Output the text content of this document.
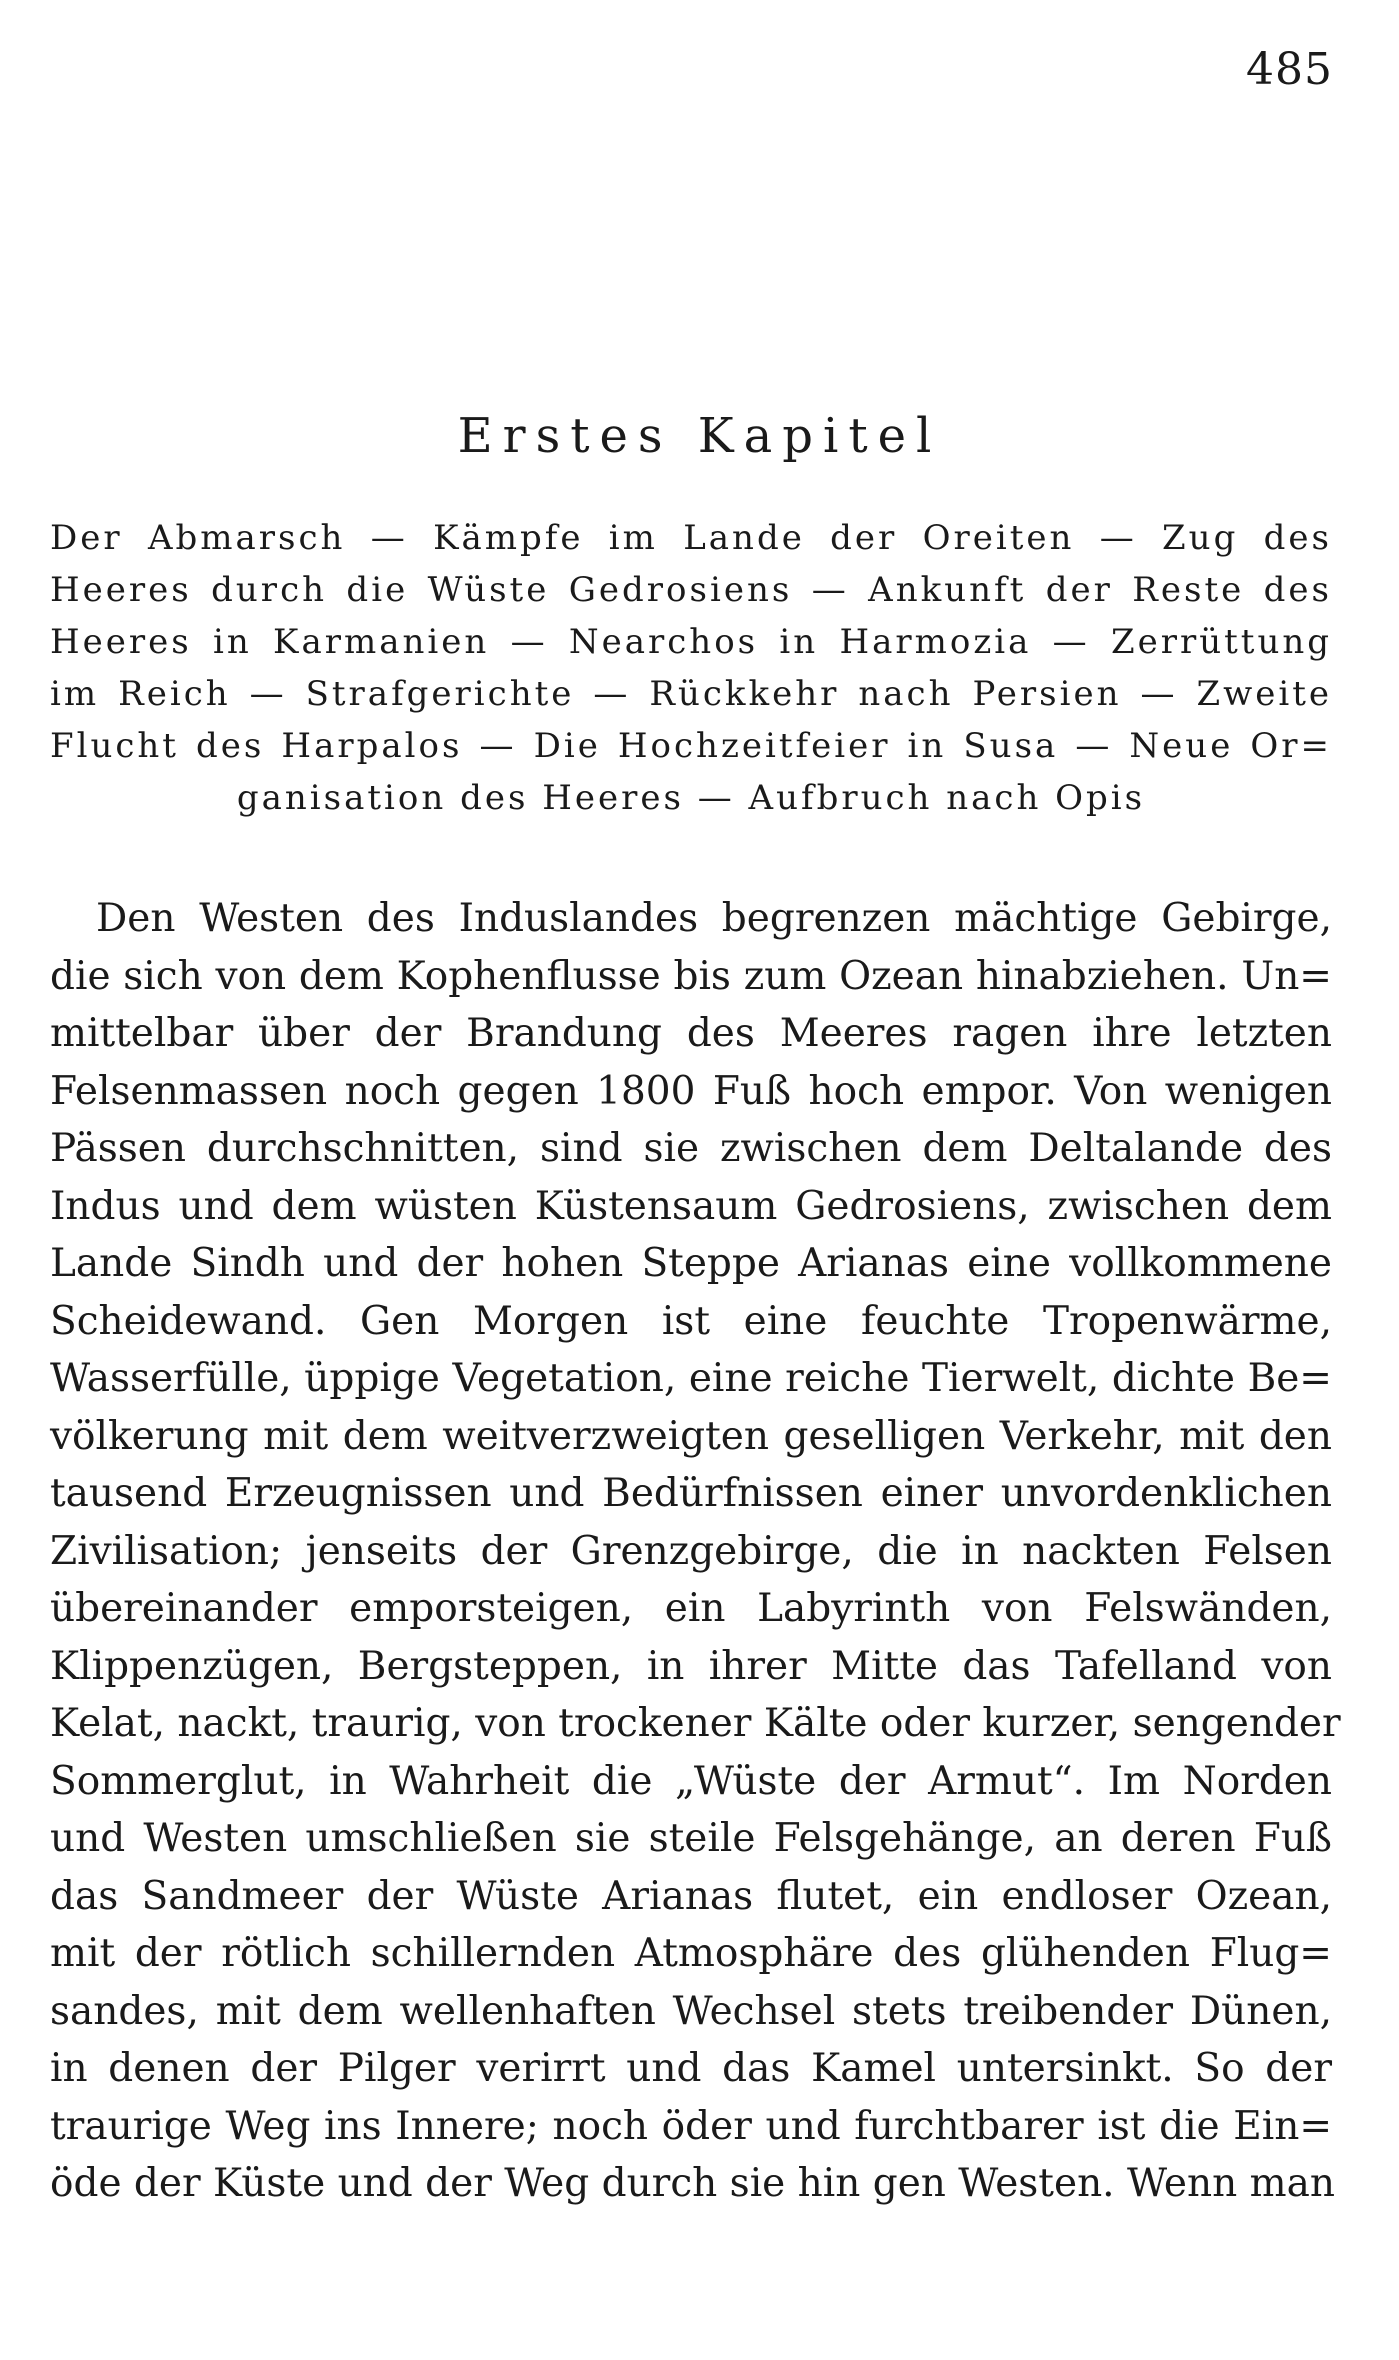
485
Erstes Kapitel
Der Abmarsch — Kämpfe im Lande der Oreiten — Zug des
Heeres durch die Wüste Gedrosiens — Ankunft der Reste des
Heeres in Karmanien — Nearchos in Harmozia — Zerrüttung
im Reich — Strafgerichte — Rückkehr nach Persien — Zweite
Flucht des Harpalos — Die Hochzeitfeier in Susa — Neue Or=
ganisation des Heeres — Aufbruch nach Opis
Den Westen des Induslandes begrenzen mächtige Gebirge,
die sich von dem Kophenflusse bis zum Ozean hinabziehen. Un=
mittelbar über der Brandung des Meeres ragen ihre letzten
Felsenmassen noch gegen 1800 Fuß hoch empor. Von wenigen
Pässen durchschnitten, sind sie zwischen dem Deltalande des
Indus und dem wüsten Küstensaum Gedrosiens, zwischen dem
Lande Sindh und der hohen Steppe Arianas eine vollkommene
Scheidewand. Gen Morgen ist eine feuchte Tropenwärme,
Wasserfülle, üppige Vegetation, eine reiche Tierwelt, dichte Be=
völkerung mit dem weitverzweigten geselligen Verkehr, mit den
tausend Erzeugnissen und Bedürfnissen einer unvordenklichen
Zivilisation; jenseits der Grenzgebirge, die in nackten Felsen
übereinander emporsteigen, ein Labyrinth von Felswänden,
Klippenzügen, Bergsteppen, in ihrer Mitte das Tafelland von
Kelat, nackt, traurig, von trockener Kälte oder kurzer, sengender
Sommerglut, in Wahrheit die „Wüste der Armut“. Im Norden
und Westen umschließen sie steile Felsgehänge, an deren Fuß
das Sandmeer der Wüste Arianas flutet, ein endloser Ozean,
mit der rötlich schillernden Atmosphäre des glühenden Flug=
sandes, mit dem wellenhaften Wechsel stets treibender Dünen,
in denen der Pilger verirrt und das Kamel untersinkt. So der
traurige Weg ins Innere; noch öder und furchtbarer ist die Ein=
öde der Küste und der Weg durch sie hin gen Westen. Wenn man
